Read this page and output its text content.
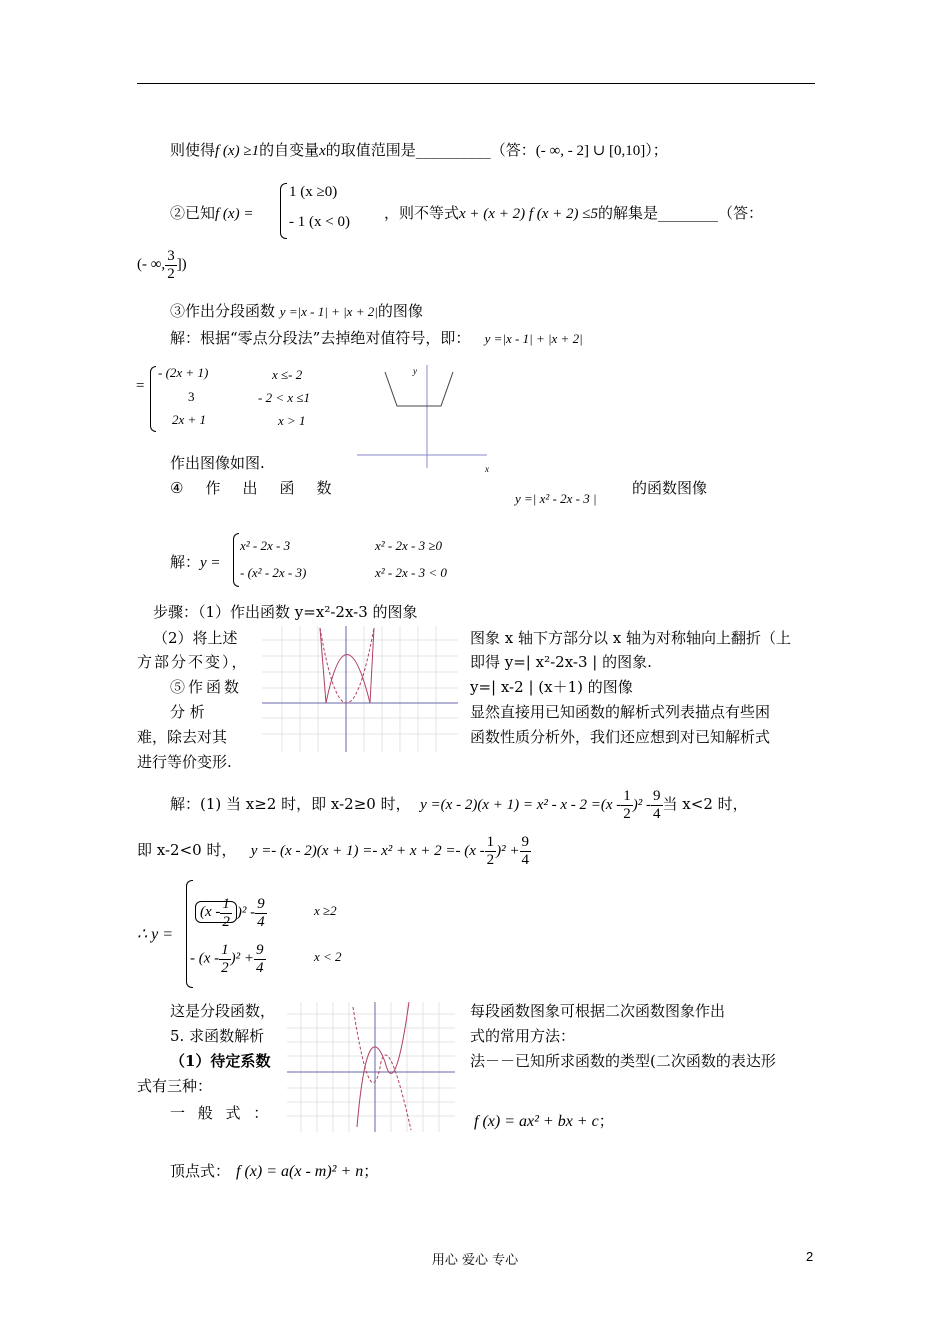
则使得f (x) ≥1的自变量x的取值范围是__________（答：(- ∞, - 2] ∪ [0,10]）；
②已知f (x) =
1 (x ≥0)
- 1 (x < 0) ，则不等式x + (x + 2) f (x + 2) ≤5的解集是________（答：
(- ∞, $\frac{3}{2}$ ])
③作出分段函数 y =|x - 1| + |x + 2|的图像
解：根据“零点分段法”去掉绝对值符号，即： y =|x - 1| + |x + 2|
=
- (2x + 1)	x ≤- 2
3	- 2 < x ≤1
2x + 1	x > 1
y
x
作出图像如图.
④ 作 出 函 数
y =| x² - 2x - 3 |
的函数图像
解：y =
x² - 2x - 3	x² - 2x - 3 ≥0
- (x² - 2x - 3)	x² - 2x - 3 < 0
步骤：（1）作出函数 y=x²-2x-3 的图象
（2）将上述	图象 x 轴下方部分以 x 轴为对称轴向上翻折（上
方部分不变），	即得 y=| x²-2x-3 | 的图象.
⑤作函数	y=| x-2 | (x＋1) 的图像
分 析	显然直接用已知函数的解析式列表描点有些困
难，除去对其	函数性质分析外，我们还应想到对已知解析式
进行等价变形.
解：(1) 当 x≥2 时，即 x-2≥0 时， $y =(x - 2)(x + 1) = x^2 - x - 2 =(x - \frac{1}{2} )^2 - \frac{9}{4}$ 当 x<2 时，
即 x-2<0 时， $y =- (x - 2)(x + 1) =- x^2 + x + 2 =- (x - \frac{1}{2} )^2 + \frac{9}{4}$
∴ y =
$(x - \frac{1}{2} )^2 - \frac{9}{4}$	x ≥2
- $(x - \frac{1}{2} )^2 + \frac{9}{4}$	x < 2
这是分段函数，	每段函数图象可根据二次函数图象作出
5. 求函数解析	式的常用方法：
（1）待定系数	法－－已知所求函数的类型(二次函数的表达形
式有三种：
一 般 式 ：	f (x) = ax² + bx + c；
顶点式： f (x) = a(x - m)² + n；
用心 爱心 专心	2
